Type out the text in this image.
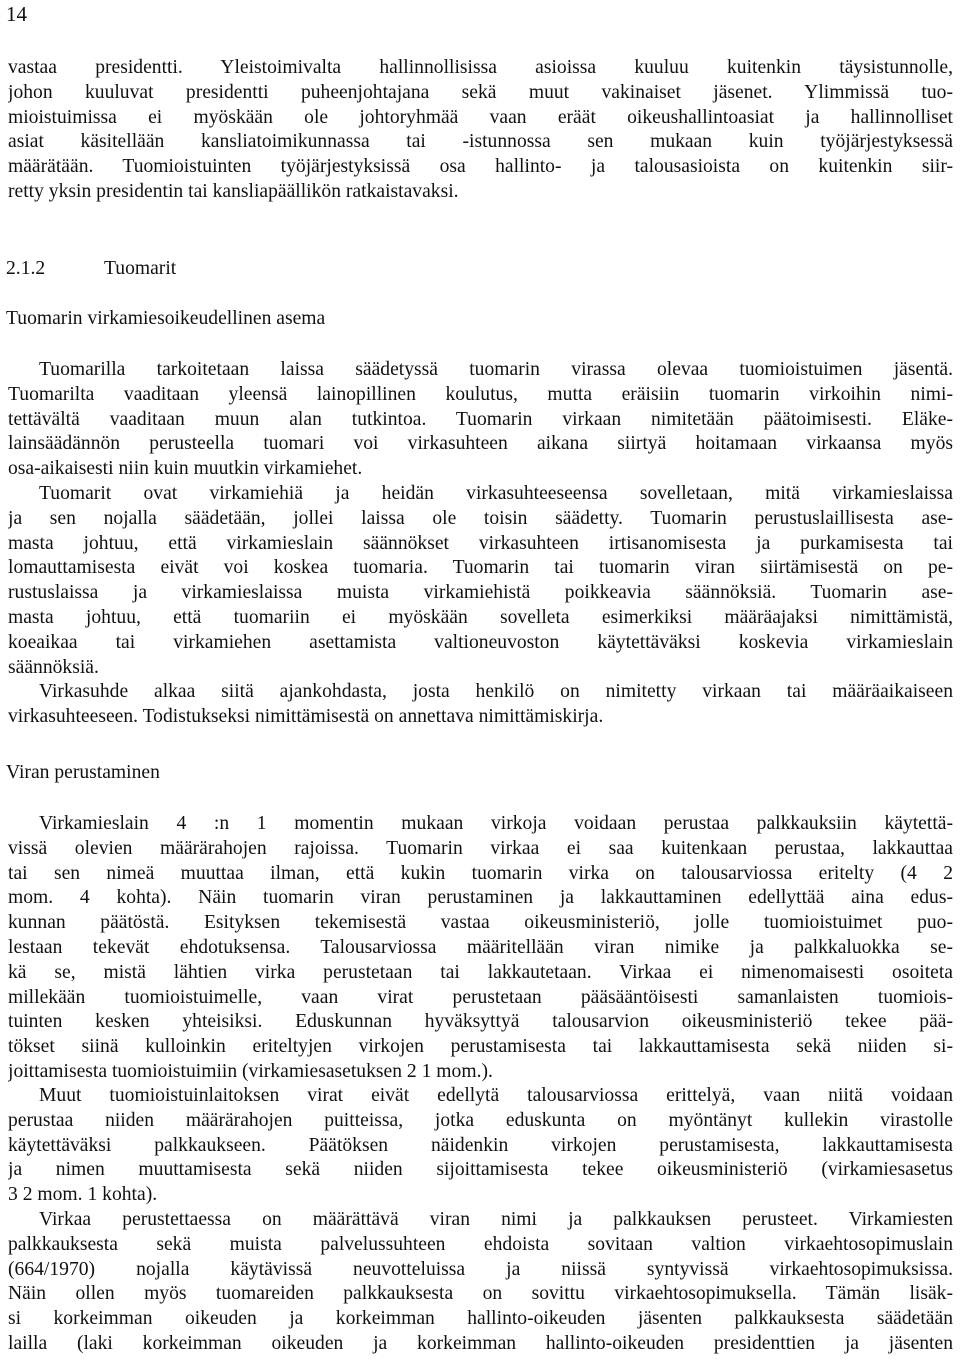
14
vastaa presidentti. Yleistoimivalta hallinnollisissa asioissa kuuluu kuitenkin täysistunnolle,
johon kuuluvat presidentti puheenjohtajana sekä muut vakinaiset jäsenet. Ylimmissä tuo-
mioistuimissa ei myöskään ole johtoryhmää vaan eräät oikeushallintoasiat ja hallinnolliset
asiat käsitellään kansliatoimikunnassa tai -istunnossa sen mukaan kuin työjärjestyksessä
määrätään. Tuomioistuinten työjärjestyksissä osa hallinto- ja talousasioista on kuitenkin siir-
retty yksin presidentin tai kansliapäällikön ratkaistavaksi.
2.1.2	Tuomarit
Tuomarin virkamiesoikeudellinen asema
Tuomarilla tarkoitetaan laissa säädetyssä tuomarin virassa olevaa tuomioistuimen jäsentä.
Tuomarilta vaaditaan yleensä lainopillinen koulutus, mutta eräisiin tuomarin virkoihin nimi-
tettävältä vaaditaan muun alan tutkintoa. Tuomarin virkaan nimitetään päätoimisesti. Eläke-
lainsäädännön perusteella tuomari voi virkasuhteen aikana siirtyä hoitamaan virkaansa myös
osa-aikaisesti niin kuin muutkin virkamiehet.
Tuomarit ovat virkamiehiä ja heidän virkasuhteeseensa sovelletaan, mitä virkamieslaissa
ja sen nojalla säädetään, jollei laissa ole toisin säädetty. Tuomarin perustuslaillisesta ase-
masta johtuu, että virkamieslain säännökset virkasuhteen irtisanomisesta ja purkamisesta tai
lomauttamisesta eivät voi koskea tuomaria. Tuomarin tai tuomarin viran siirtämisestä on pe-
rustuslaissa ja virkamieslaissa muista virkamiehistä poikkeavia säännöksiä. Tuomarin ase-
masta johtuu, että tuomariin ei myöskään sovelleta esimerkiksi määräajaksi nimittämistä,
koeaikaa tai virkamiehen asettamista valtioneuvoston käytettäväksi koskevia virkamieslain
säännöksiä.
Virkasuhde alkaa siitä ajankohdasta, josta henkilö on nimitetty virkaan tai määräaikaiseen
virkasuhteeseen. Todistukseksi nimittämisestä on annettava nimittämiskirja.
Viran perustaminen
Virkamieslain 4 :n 1 momentin mukaan virkoja voidaan perustaa palkkauksiin käytettä-
vissä olevien määrärahojen rajoissa. Tuomarin virkaa ei saa kuitenkaan perustaa, lakkauttaa
tai sen nimeä muuttaa ilman, että kukin tuomarin virka on talousarviossa eritelty (4 2
mom. 4 kohta). Näin tuomarin viran perustaminen ja lakkauttaminen edellyttää aina edus-
kunnan päätöstä. Esityksen tekemisestä vastaa oikeusministeriö, jolle tuomioistuimet puo-
lestaan tekevät ehdotuksensa. Talousarviossa määritellään viran nimike ja palkkaluokka se-
kä se, mistä lähtien virka perustetaan tai lakkautetaan. Virkaa ei nimenomaisesti osoiteta
millekään tuomioistuimelle, vaan virat perustetaan pääsääntöisesti samanlaisten tuomiois-
tuinten kesken yhteisiksi. Eduskunnan hyväksyttyä talousarvion oikeusministeriö tekee pää-
tökset siinä kulloinkin eriteltyjen virkojen perustamisesta tai lakkauttamisesta sekä niiden si-
joittamisesta tuomioistuimiin (virkamiesasetuksen 2 1 mom.).
Muut tuomioistuinlaitoksen virat eivät edellytä talousarviossa erittelyä, vaan niitä voidaan
perustaa niiden määrärahojen puitteissa, jotka eduskunta on myöntänyt kullekin virastolle
käytettäväksi palkkaukseen. Päätöksen näidenkin virkojen perustamisesta, lakkauttamisesta
ja nimen muuttamisesta sekä niiden sijoittamisesta tekee oikeusministeriö (virkamiesasetus
3 2 mom. 1 kohta).
Virkaa perustettaessa on määrättävä viran nimi ja palkkauksen perusteet. Virkamiesten
palkkauksesta sekä muista palvelussuhteen ehdoista sovitaan valtion virkaehtosopimuslain
(664/1970) nojalla käytävissä neuvotteluissa ja niissä syntyvissä virkaehtosopimuksissa.
Näin ollen myös tuomareiden palkkauksesta on sovittu virkaehtosopimuksella. Tämän lisäk-
si korkeimman oikeuden ja korkeimman hallinto-oikeuden jäsenten palkkauksesta säädetään
lailla (laki korkeimman oikeuden ja korkeimman hallinto-oikeuden presidenttien ja jäsenten
